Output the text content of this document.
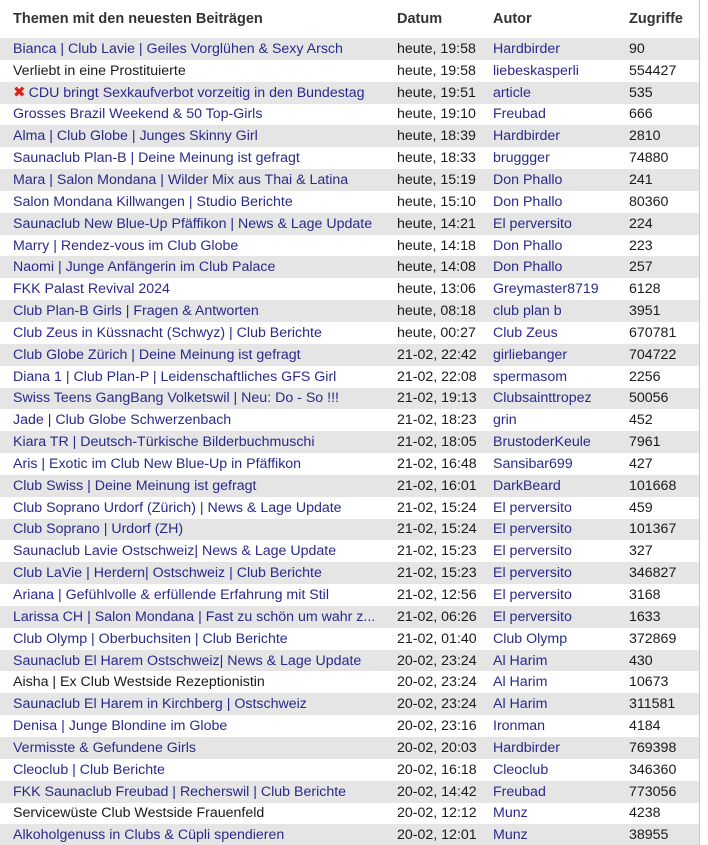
Themen mit den neuesten Beiträgen	Datum	Autor	Zugriffe
Bianca | Club Lavie | Geiles Vorglühen & Sexy Arsch	heute, 19:58	Hardbirder	90
Verliebt in eine Prostituierte	heute, 19:58	liebeskasperli	554427
✖ CDU bringt Sexkaufverbot vorzeitig in den Bundestag	heute, 19:51	article	535
Grosses Brazil Weekend & 50 Top-Girls	heute, 19:10	Freubad	666
Alma | Club Globe | Junges Skinny Girl	heute, 18:39	Hardbirder	2810
Saunaclub Plan-B | Deine Meinung ist gefragt	heute, 18:33	bruggger	74880
Mara | Salon Mondana | Wilder Mix aus Thai & Latina	heute, 15:19	Don Phallo	241
Salon Mondana Killwangen | Studio Berichte	heute, 15:10	Don Phallo	80360
Saunaclub New Blue-Up Pfäffikon | News & Lage Update	heute, 14:21	El perversito	224
Marry | Rendez-vous im Club Globe	heute, 14:18	Don Phallo	223
Naomi | Junge Anfängerin im Club Palace	heute, 14:08	Don Phallo	257
FKK Palast Revival 2024	heute, 13:06	Greymaster8719	6128
Club Plan-B Girls | Fragen & Antworten	heute, 08:18	club plan b	3951
Club Zeus in Küssnacht (Schwyz) | Club Berichte	heute, 00:27	Club Zeus	670781
Club Globe Zürich | Deine Meinung ist gefragt	21-02, 22:42	girliebanger	704722
Diana 1 | Club Plan-P | Leidenschaftliches GFS Girl	21-02, 22:08	spermasom	2256
Swiss Teens GangBang Volketswil | Neu: Do - So !!!	21-02, 19:13	Clubsainttropez	50056
Jade | Club Globe Schwerzenbach	21-02, 18:23	grin	452
Kiara TR | Deutsch-Türkische Bilderbuchmuschi	21-02, 18:05	BrustoderKeule	7961
Aris | Exotic im Club New Blue-Up in Pfäffikon	21-02, 16:48	Sansibar699	427
Club Swiss | Deine Meinung ist gefragt	21-02, 16:01	DarkBeard	101668
Club Soprano Urdorf (Zürich) | News & Lage Update	21-02, 15:24	El perversito	459
Club Soprano | Urdorf (ZH)	21-02, 15:24	El perversito	101367
Saunaclub Lavie Ostschweiz| News & Lage Update	21-02, 15:23	El perversito	327
Club LaVie | Herdern| Ostschweiz | Club Berichte	21-02, 15:23	El perversito	346827
Ariana | Gefühlvolle & erfüllende Erfahrung mit Stil	21-02, 12:56	El perversito	3168
Larissa CH | Salon Mondana | Fast zu schön um wahr z...	21-02, 06:26	El perversito	1633
Club Olymp | Oberbuchsiten | Club Berichte	21-02, 01:40	Club Olymp	372869
Saunaclub El Harem Ostschweiz| News & Lage Update	20-02, 23:24	Al Harim	430
Aisha | Ex Club Westside Rezeptionistin	20-02, 23:24	Al Harim	10673
Saunaclub El Harem in Kirchberg | Ostschweiz	20-02, 23:24	Al Harim	311581
Denisa | Junge Blondine im Globe	20-02, 23:16	Ironman	4184
Vermisste & Gefundene Girls	20-02, 20:03	Hardbirder	769398
Cleoclub | Club Berichte	20-02, 16:18	Cleoclub	346360
FKK Saunaclub Freubad | Recherswil | Club Berichte	20-02, 14:42	Freubad	773056
Servicewüste Club Westside Frauenfeld	20-02, 12:12	Munz	4238
Alkoholgenuss in Clubs & Cüpli spendieren	20-02, 12:01	Munz	38955
